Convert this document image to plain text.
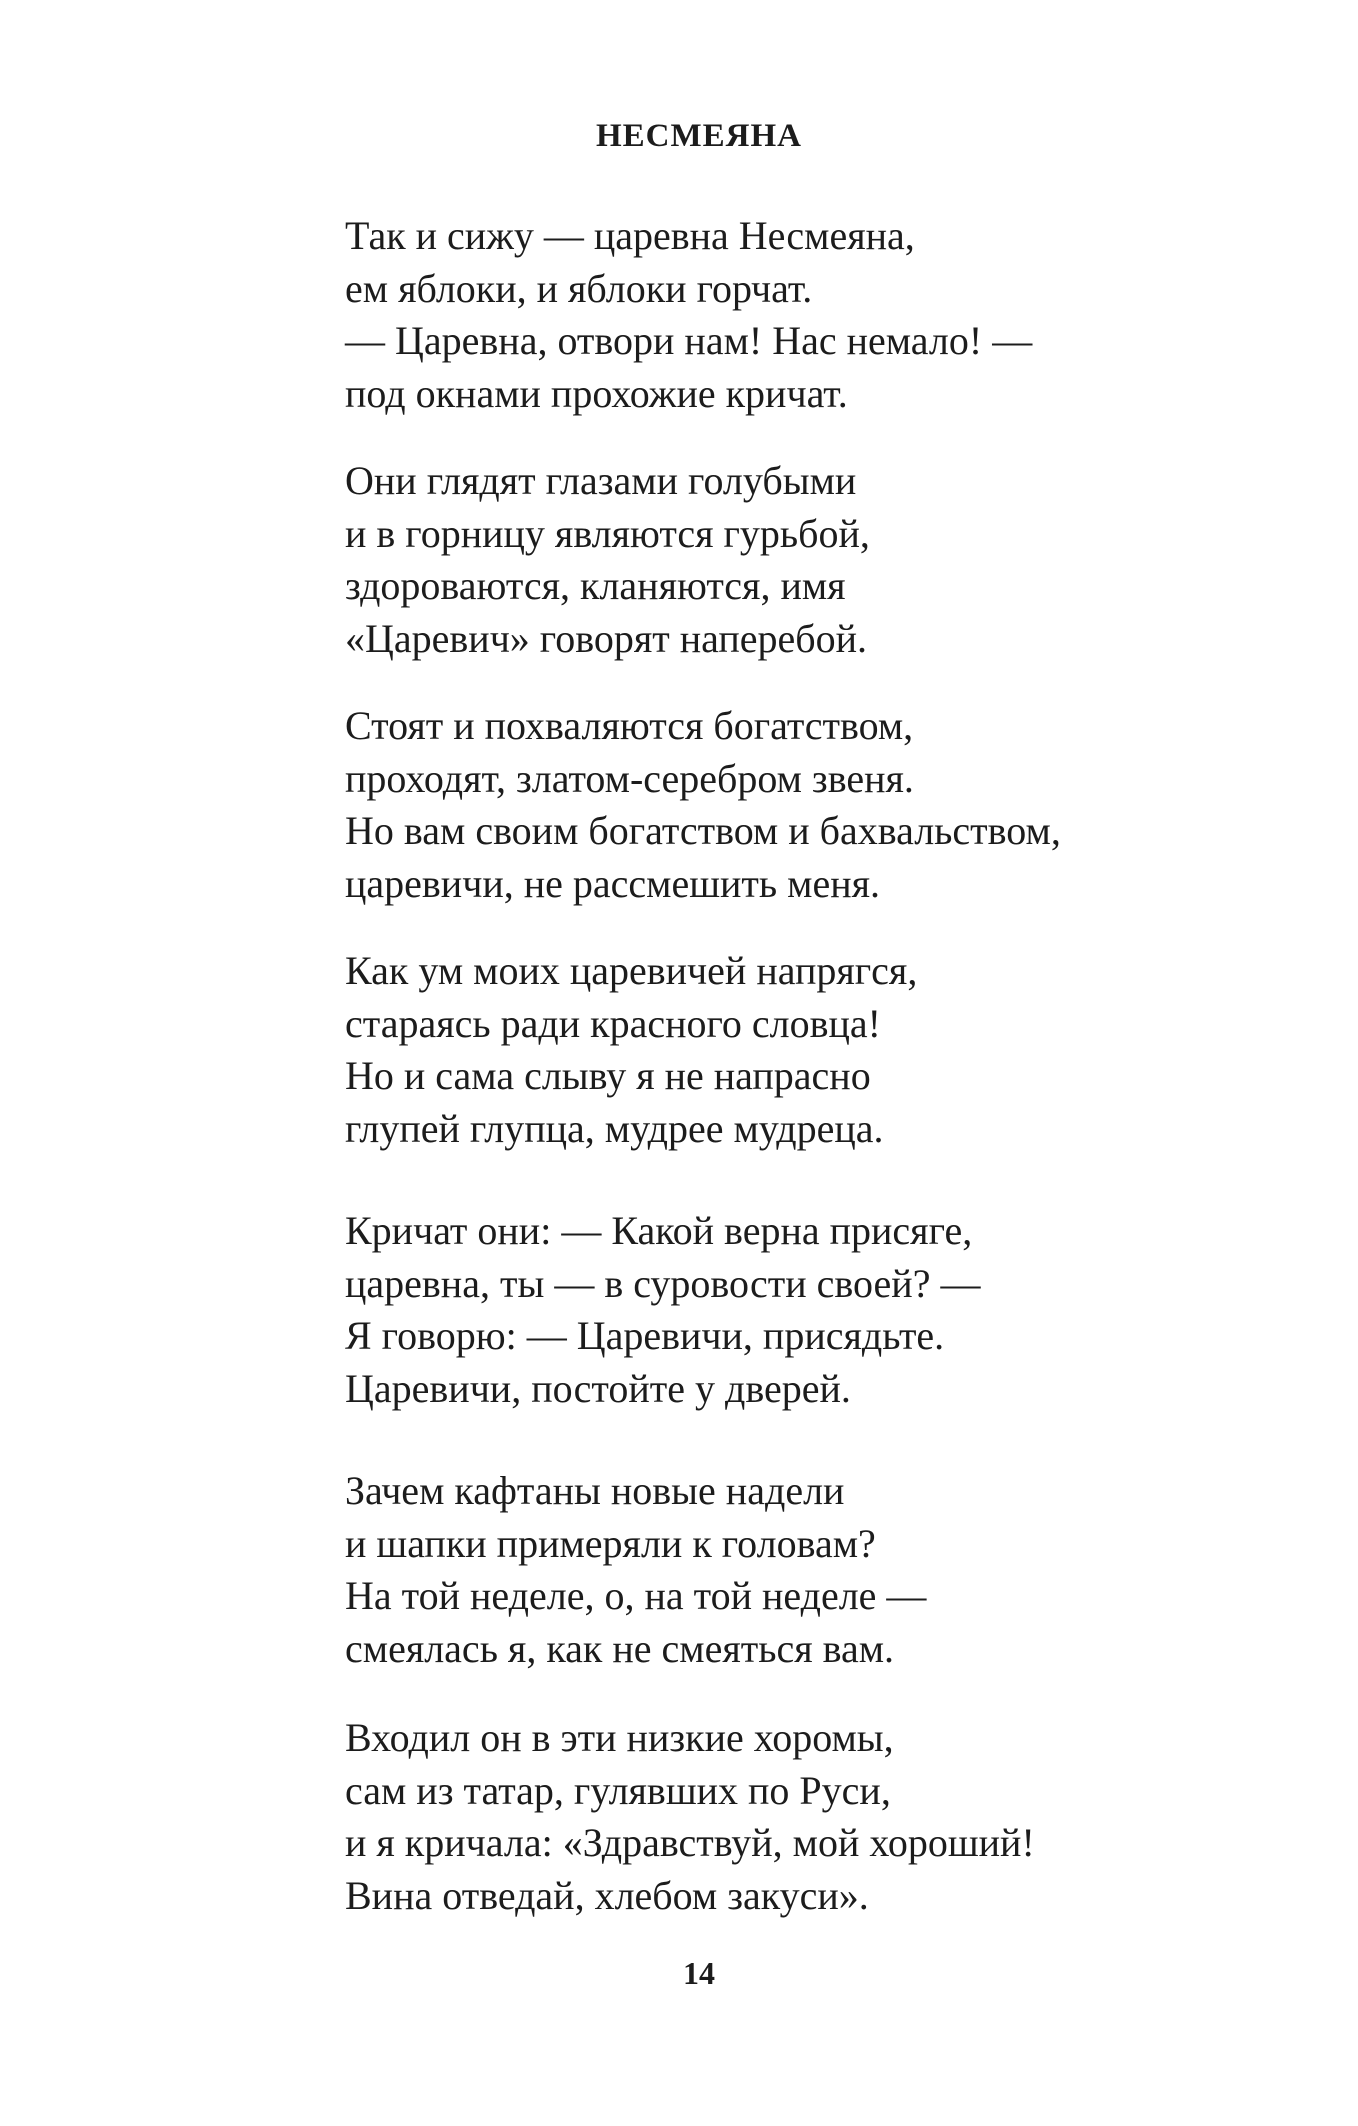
НЕСМЕЯНА
Так и сижу — царевна Несмеяна,
ем яблоки, и яблоки горчат.
— Царевна, отвори нам! Нас немало! —
под окнами прохожие кричат.
Они глядят глазами голубыми
и в горницу являются гурьбой,
здороваются, кланяются, имя
«Царевич» говорят наперебой.
Стоят и похваляются богатством,
проходят, златом-серебром звеня.
Но вам своим богатством и бахвальством,
царевичи, не рассмешить меня.
Как ум моих царевичей напрягся,
стараясь ради красного словца!
Но и сама слыву я не напрасно
глупей глупца, мудрее мудреца.
Кричат они: — Какой верна присяге,
царевна, ты — в суровости своей? —
Я говорю: — Царевичи, присядьте.
Царевичи, постойте у дверей.
Зачем кафтаны новые надели
и шапки примеряли к головам?
На той неделе, о, на той неделе —
смеялась я, как не смеяться вам.
Входил он в эти низкие хоромы,
сам из татар, гулявших по Руси,
и я кричала: «Здравствуй, мой хороший!
Вина отведай, хлебом закуси».
14
